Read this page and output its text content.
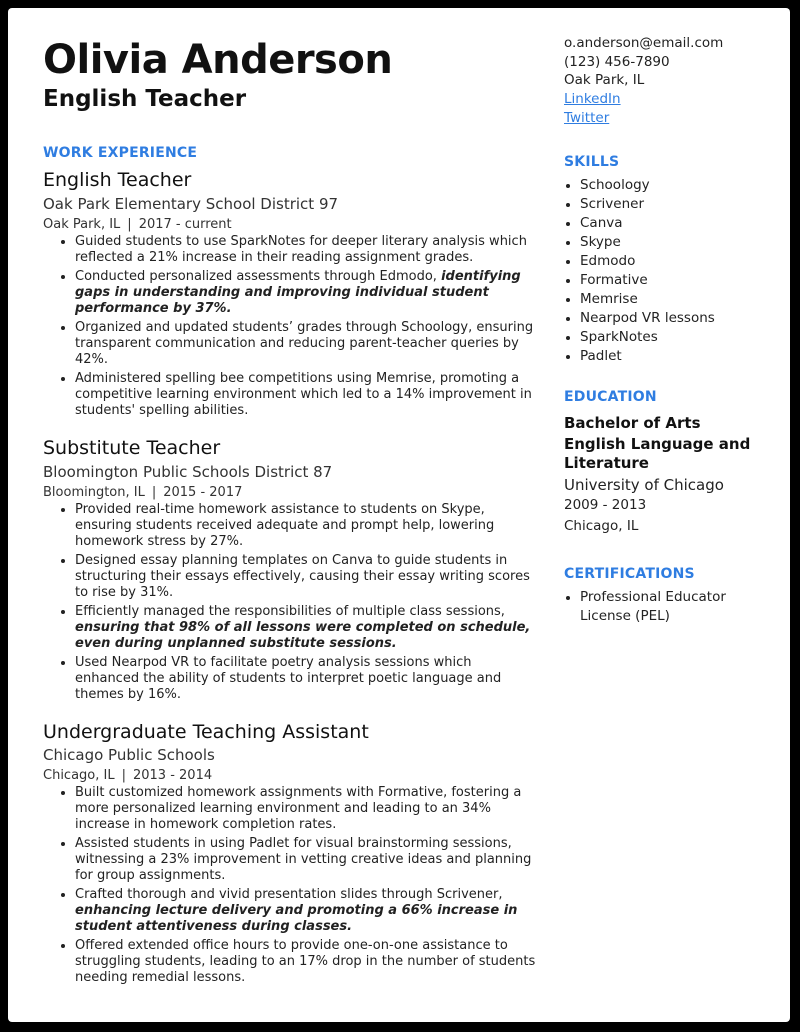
Olivia Anderson
English Teacher
WORK EXPERIENCE
English Teacher
Oak Park Elementary School District 97
Oak Park, IL | 2017 - current
Guided students to use SparkNotes for deeper literary analysis which reflected a 21% increase in their reading assignment grades.
Conducted personalized assessments through Edmodo, identifying gaps in understanding and improving individual student performance by 37%.
Organized and updated students’ grades through Schoology, ensuring transparent communication and reducing parent-teacher queries by 42%.
Administered spelling bee competitions using Memrise, promoting a competitive learning environment which led to a 14% improvement in students' spelling abilities.
Substitute Teacher
Bloomington Public Schools District 87
Bloomington, IL | 2015 - 2017
Provided real-time homework assistance to students on Skype, ensuring students received adequate and prompt help, lowering homework stress by 27%.
Designed essay planning templates on Canva to guide students in structuring their essays effectively, causing their essay writing scores to rise by 31%.
Efficiently managed the responsibilities of multiple class sessions, ensuring that 98% of all lessons were completed on schedule, even during unplanned substitute sessions.
Used Nearpod VR to facilitate poetry analysis sessions which enhanced the ability of students to interpret poetic language and themes by 16%.
Undergraduate Teaching Assistant
Chicago Public Schools
Chicago, IL | 2013 - 2014
Built customized homework assignments with Formative, fostering a more personalized learning environment and leading to an 34% increase in homework completion rates.
Assisted students in using Padlet for visual brainstorming sessions, witnessing a 23% improvement in vetting creative ideas and planning for group assignments.
Crafted thorough and vivid presentation slides through Scrivener, enhancing lecture delivery and promoting a 66% increase in student attentiveness during classes.
Offered extended office hours to provide one-on-one assistance to struggling students, leading to an 17% drop in the number of students needing remedial lessons.
o.anderson@email.com
(123) 456-7890
Oak Park, IL
LinkedIn
Twitter
SKILLS
Schoology
Scrivener
Canva
Skype
Edmodo
Formative
Memrise
Nearpod VR lessons
SparkNotes
Padlet
EDUCATION
Bachelor of Arts
English Language and Literature
University of Chicago
2009 - 2013
Chicago, IL
CERTIFICATIONS
Professional Educator License (PEL)
